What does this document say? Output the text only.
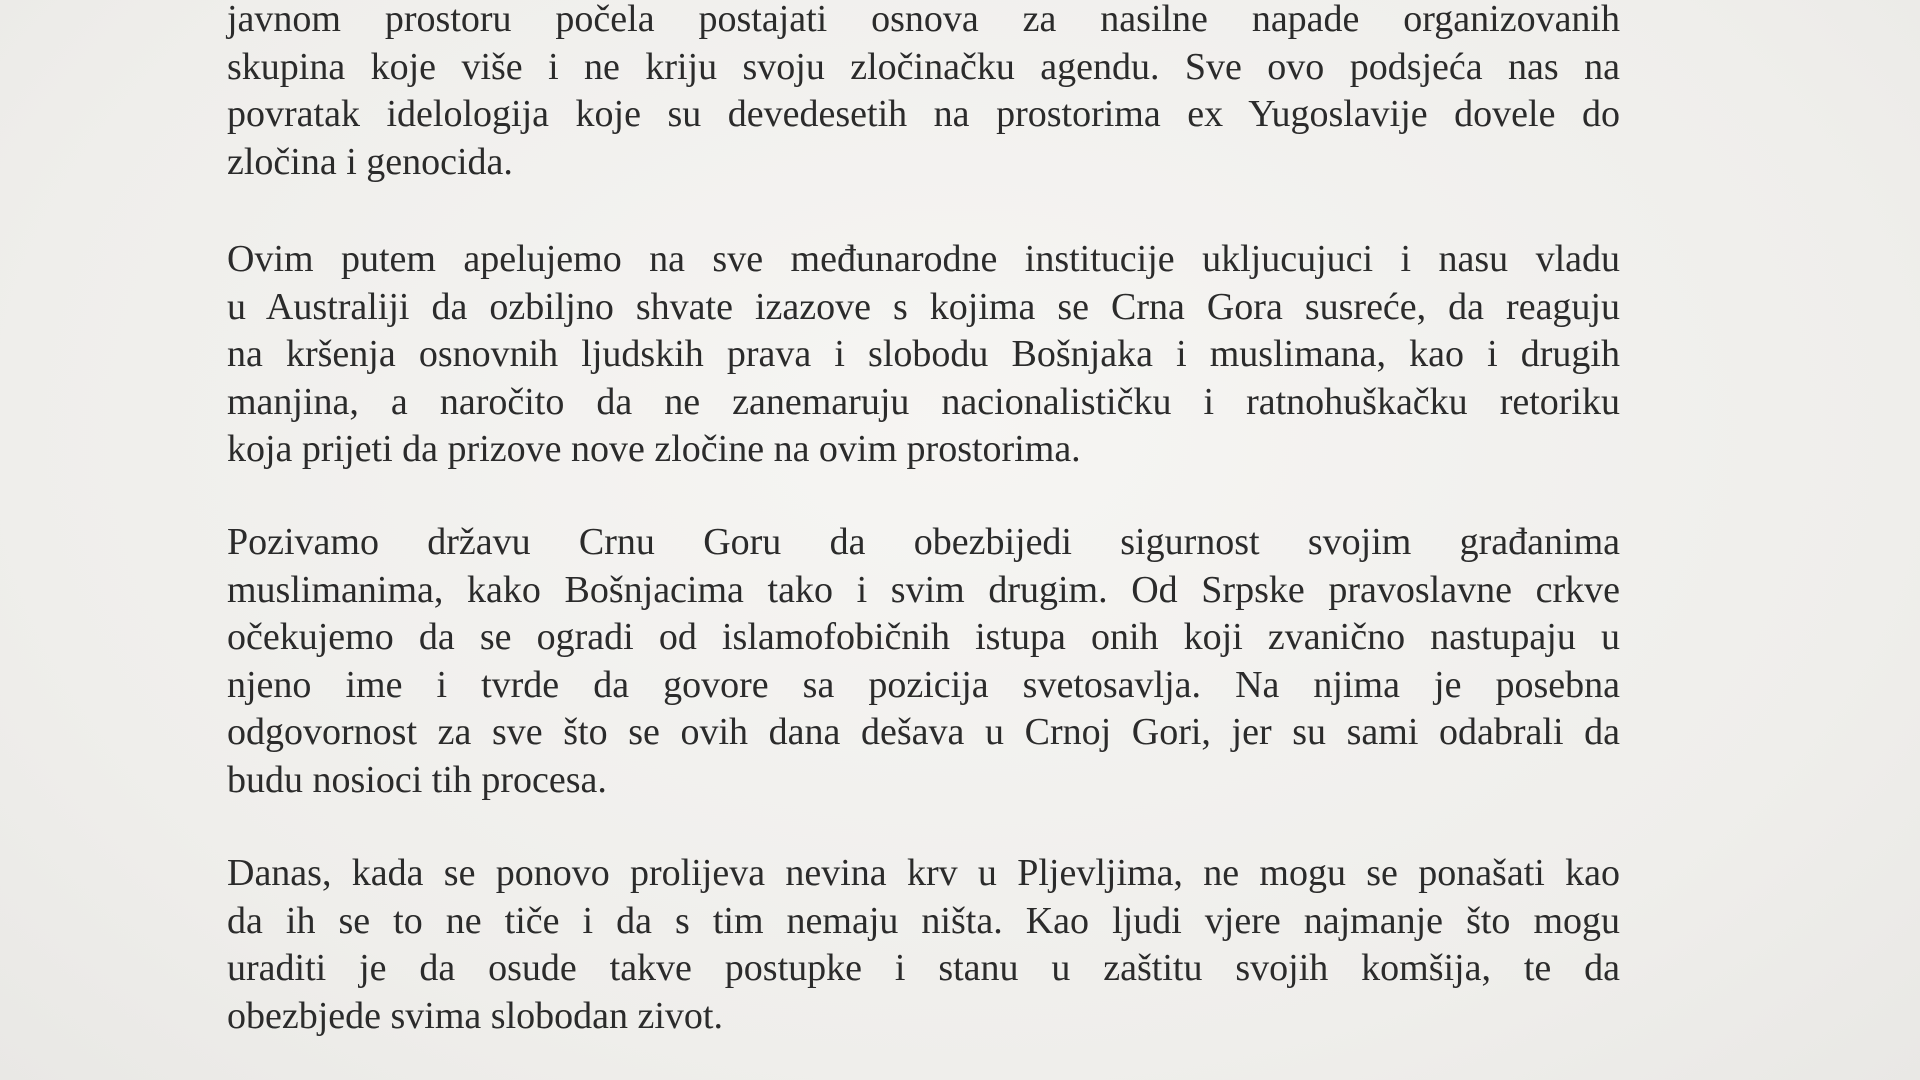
javnom prostoru počela postajati osnova za nasilne napade organizovanih
skupina koje više i ne kriju svoju zločinačku agendu. Sve ovo podsjeća nas na
povratak idelologija koje su devedesetih na prostorima ex Yugoslavije dovele do
zločina i genocida.

Ovim putem apelujemo na sve međunarodne institucije ukljucujuci i nasu vladu
u Australiji da ozbiljno shvate izazove s kojima se Crna Gora susreće, da reaguju
na kršenja osnovnih ljudskih prava i slobodu Bošnjaka i muslimana, kao i drugih
manjina, a naročito da ne zanemaruju nacionalističku i ratnohuškačku retoriku
koja prijeti da prizove nove zločine na ovim prostorima.

Pozivamo državu Crnu Goru da obezbijedi sigurnost svojim građanima
muslimanima, kako Bošnjacima tako i svim drugim. Od Srpske pravoslavne crkve
očekujemo da se ogradi od islamofobičnih istupa onih koji zvanično nastupaju u
njeno ime i tvrde da govore sa pozicija svetosavlja. Na njima je posebna
odgovornost za sve što se ovih dana dešava u Crnoj Gori, jer su sami odabrali da
budu nosioci tih procesa.

Danas, kada se ponovo prolijeva nevina krv u Pljevljima, ne mogu se ponašati kao
da ih se to ne tiče i da s tim nemaju ništa. Kao ljudi vjere najmanje što mogu
uraditi je da osude takve postupke i stanu u zaštitu svojih komšija, te da
obezbjede svima slobodan zivot.
